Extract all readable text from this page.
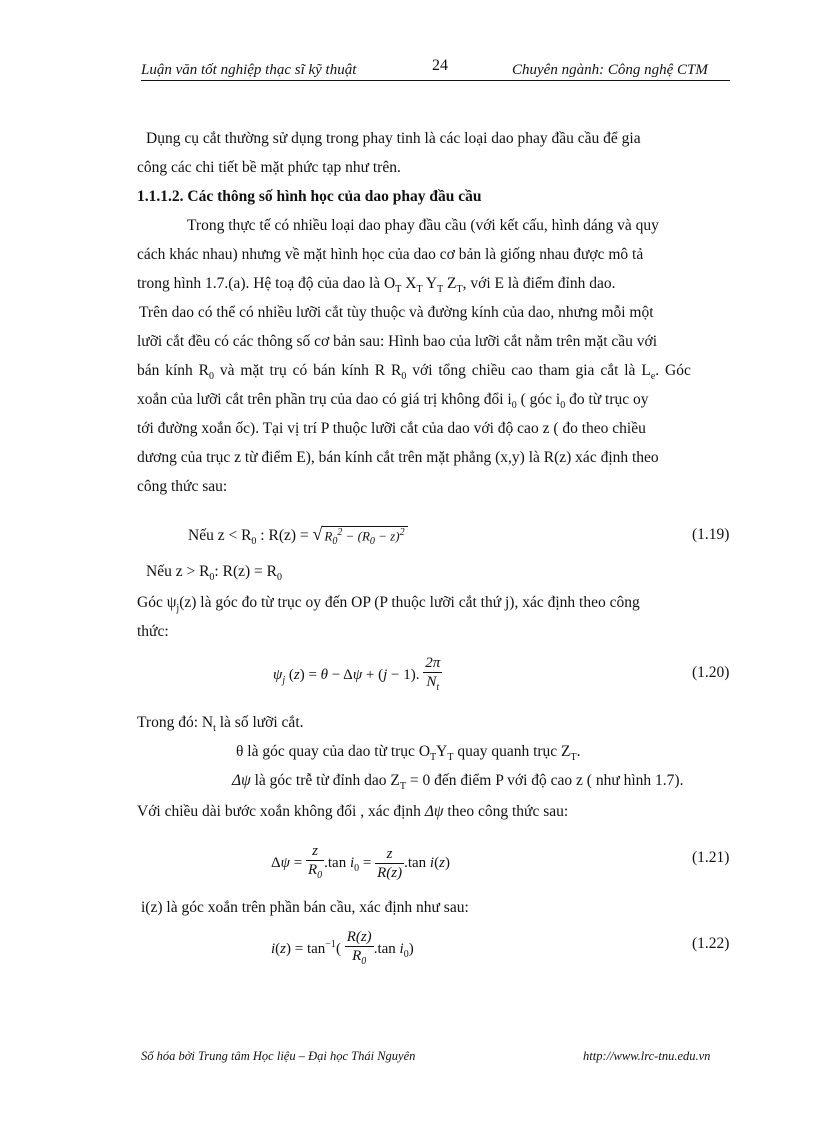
Luận văn tốt nghiệp thạc sĩ kỹ thuật	24	Chuyên ngành: Công nghệ CTM
Dụng cụ cắt thường sử dụng trong phay tinh là các loại dao phay đầu cầu để gia
công các chi tiết bề mặt phức tạp như trên.
1.1.1.2. Các thông số hình học của dao phay đầu cầu
Trong thực tế có nhiều loại dao phay đầu cầu (với kết cấu, hình dáng và quy
cách khác nhau) nhưng về mặt hình học của dao cơ bản là giống nhau được mô tả
trong hình 1.7.(a). Hệ toạ độ của dao là $O_T$ $X_T$ $Y_T$ $Z_T$, với E là điểm đỉnh dao.
Trên dao có thể có nhiều lưỡi cắt tùy thuộc và đường kính của dao, nhưng mỗi một
lưỡi cắt đều có các thông số cơ bản sau: Hình bao của lưỡi cắt nằm trên mặt cầu với
bán kính $R_0$ và mặt trụ có bán kính R $R_0$ với tổng chiều cao tham gia cắt là $L_e$. Góc
xoắn của lưỡi cắt trên phần trụ của dao có giá trị không đổi $i_0$ ( góc $i_0$ đo từ trục oy
tới đường xoắn ốc). Tại vị trí P thuộc lưỡi cắt của dao với độ cao z ( đo theo chiều
dương của trục z từ điểm E), bán kính cắt trên mặt phẳng (x,y) là R(z) xác định theo
công thức sau:
Nếu $z < R_0$ : R(z) = √ $R_0^2 - (R_0 - z)^2$	(1.19)
Nếu $z > R_0$: $R(z) = R_0$
Góc $\psi_j(z)$ là góc đo từ trục oy đến OP (P thuộc lưỡi cắt thứ j), xác định theo công
thức:
$\psi_j$ (z) = θ − Δψ + (j − 1). $\frac{2\pi}{N_t}$	(1.20)
Trong đó: $N_t$ là số lưỡi cắt.
θ là góc quay của dao từ trục $O_TY_T$ quay quanh trục $Z_T$.
Δψ là góc trễ từ đỉnh dao $Z_T = 0$ đến điểm P với độ cao z ( như hình 1.7).
Với chiều dài bước xoắn không đổi , xác định Δψ theo công thức sau:
$\Delta\psi = \frac{z}{R_0} .\tan$ $i_0 = \frac{z}{R(z)} .\tan$ i(z)	(1.21)
i(z) là góc xoắn trên phần bán cầu, xác định như sau:
$i(z) = \tan^{-1}( \frac{R(z)}{R_0} .\tan$ $i_0$)	(1.22)
Số hóa bởi Trung tâm Học liệu – Đại học Thái Nguyên	http://www.lrc-tnu.edu.vn
